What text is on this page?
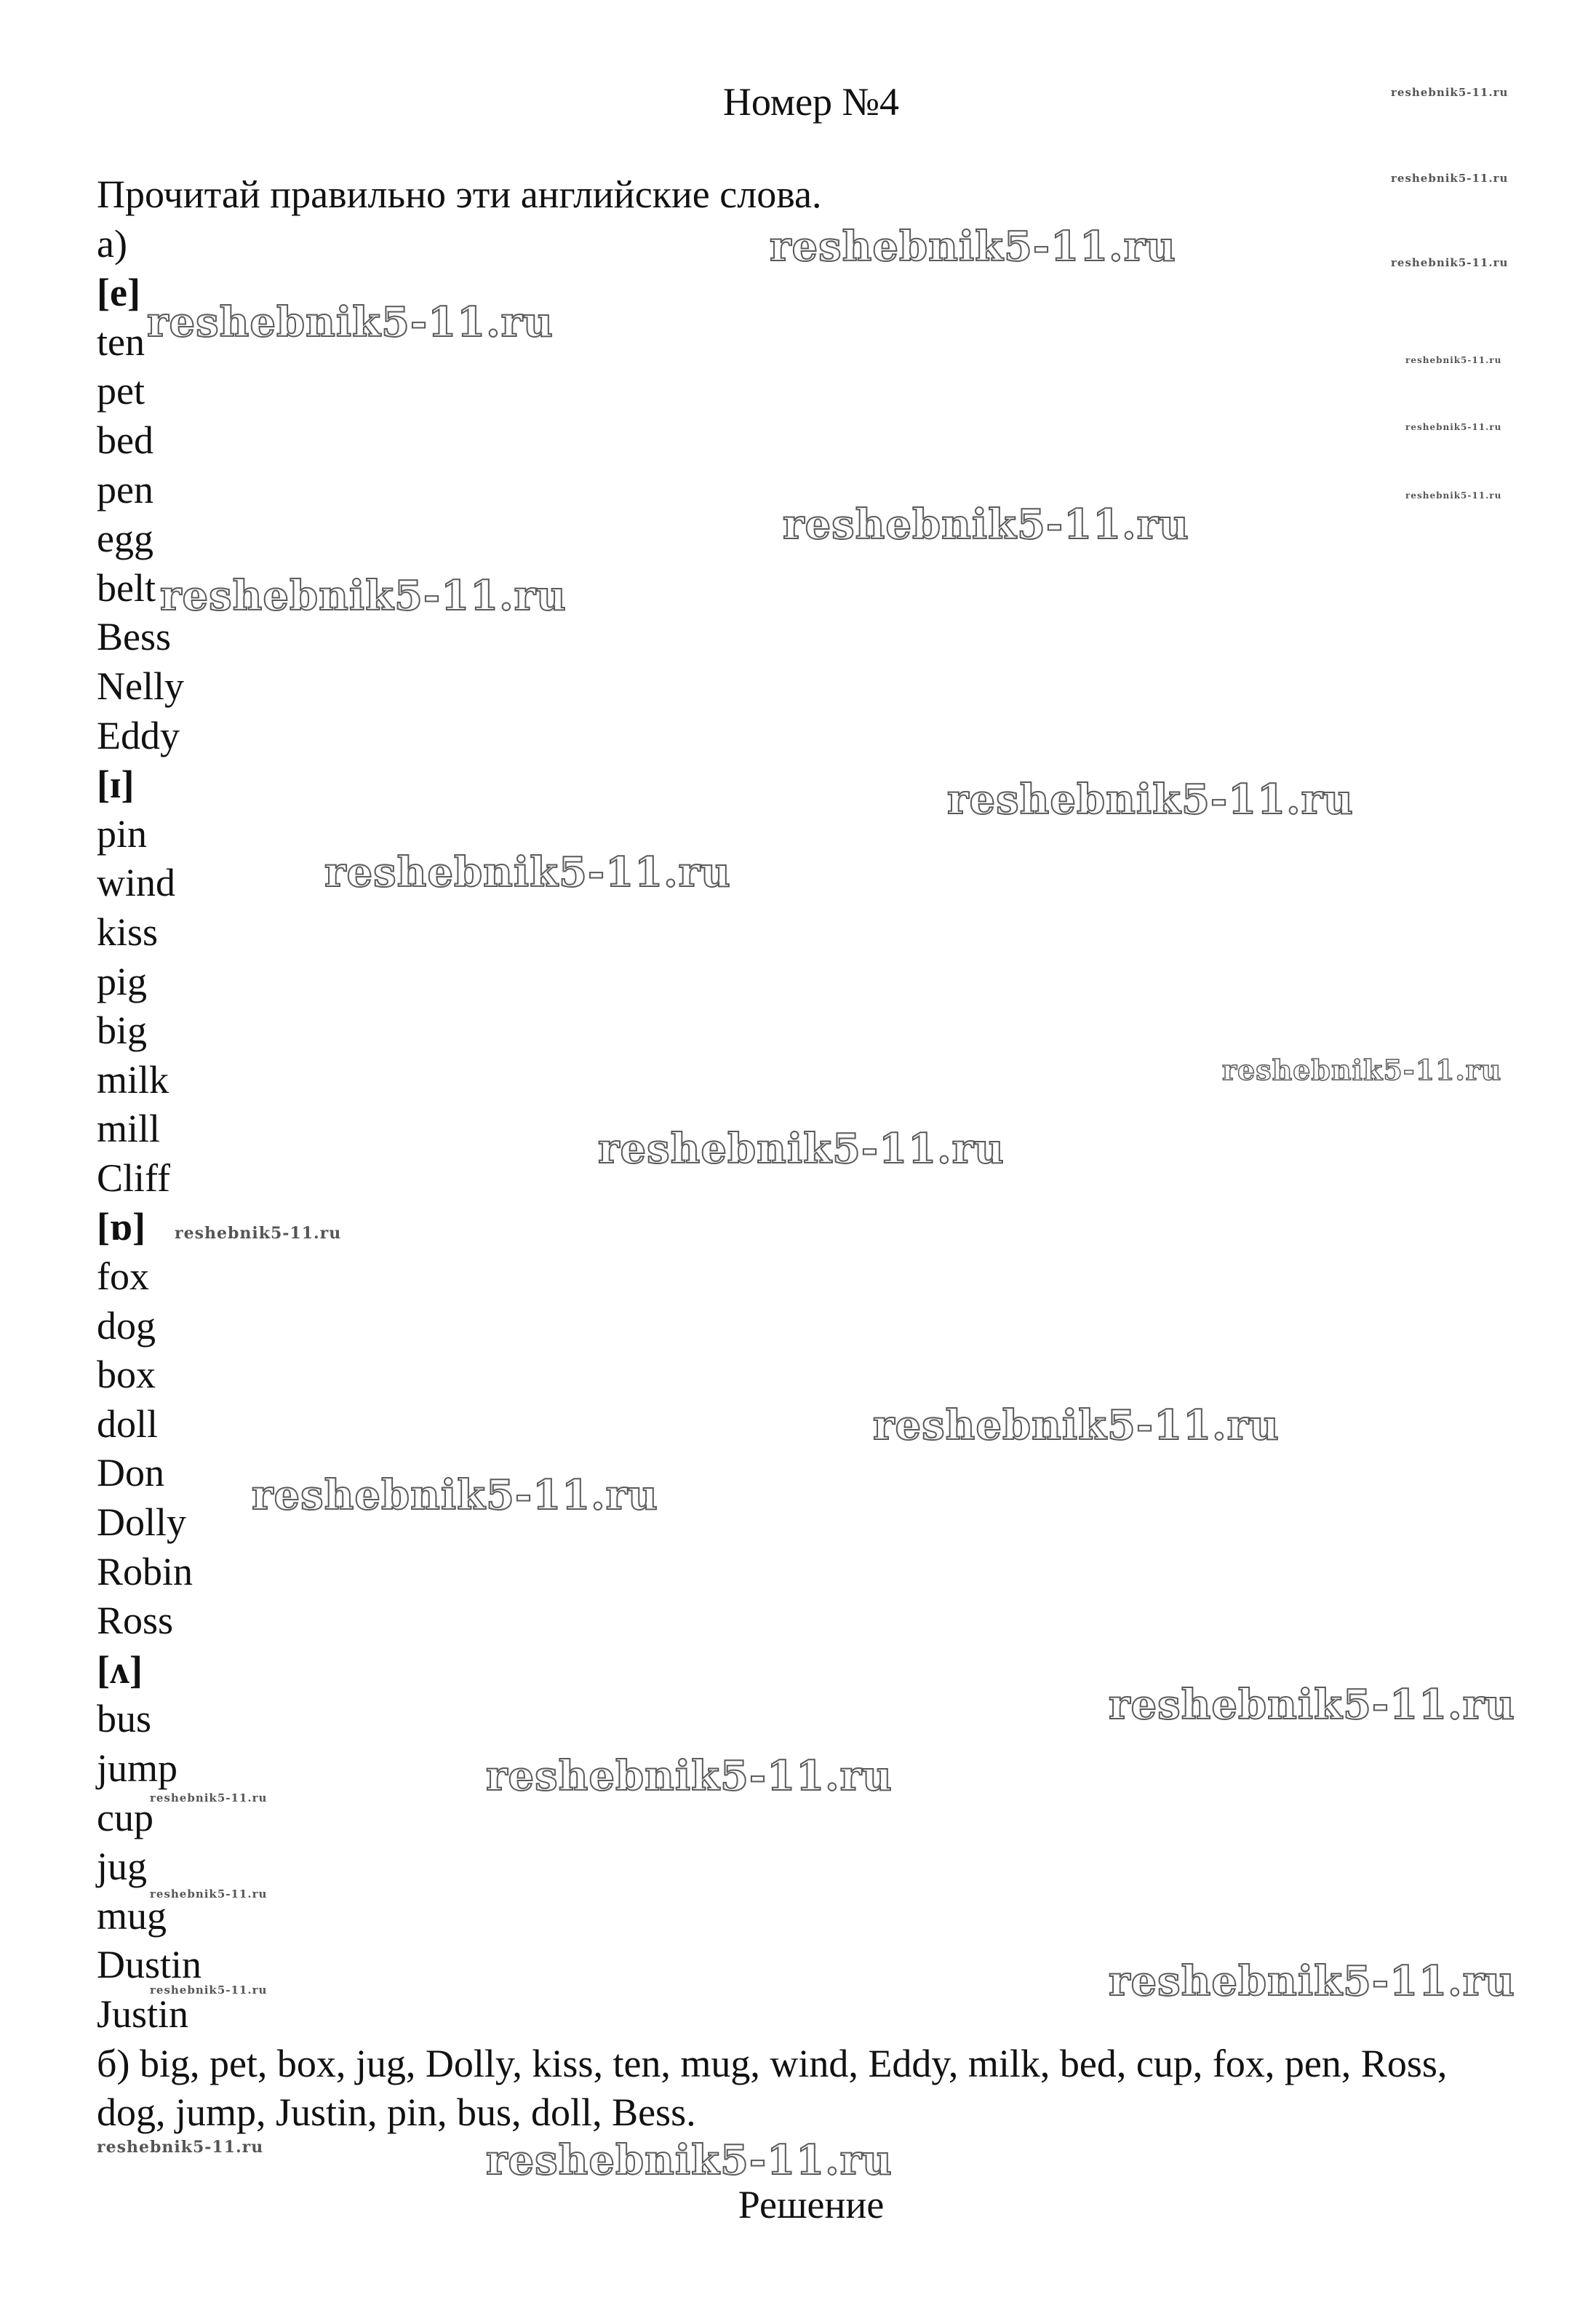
Номер №4
Прочитай правильно эти английские слова.
а)
[e]
ten
pet
bed
pen
egg
belt
Bess
Nelly
Eddy
[ɪ]
pin
wind
kiss
pig
big
milk
mill
Cliff
[ɒ]
fox
dog
box
doll
Don
Dolly
Robin
Ross
[ʌ]
bus
jump
cup
jug
mug
Dustin
Justin
б) big, pet, box, jug, Dolly, kiss, ten, mug, wind, Eddy, milk, bed, cup, fox, pen, Ross, dog, jump, Justin, pin, bus, doll, Bess.
Решение
reshebnik5-11.ru
reshebnik5-11.ru
reshebnik5-11.ru
reshebnik5-11.ru
reshebnik5-11.ru
reshebnik5-11.ru
reshebnik5-11.ru
reshebnik5-11.ru
reshebnik5-11.ru
reshebnik5-11.ru
reshebnik5-11.ru
reshebnik5-11.ru
reshebnik5-11.ru
reshebnik5-11.ru
reshebnik5-11.ru
reshebnik5-11.ru
reshebnik5-11.ru
reshebnik5-11.ru
reshebnik5-11.ru
reshebnik5-11.ru
reshebnik5-11.ru
reshebnik5-11.ru	reshebnik5-11.ru
reshebnik5-11.ru	reshebnik5-11.ru
